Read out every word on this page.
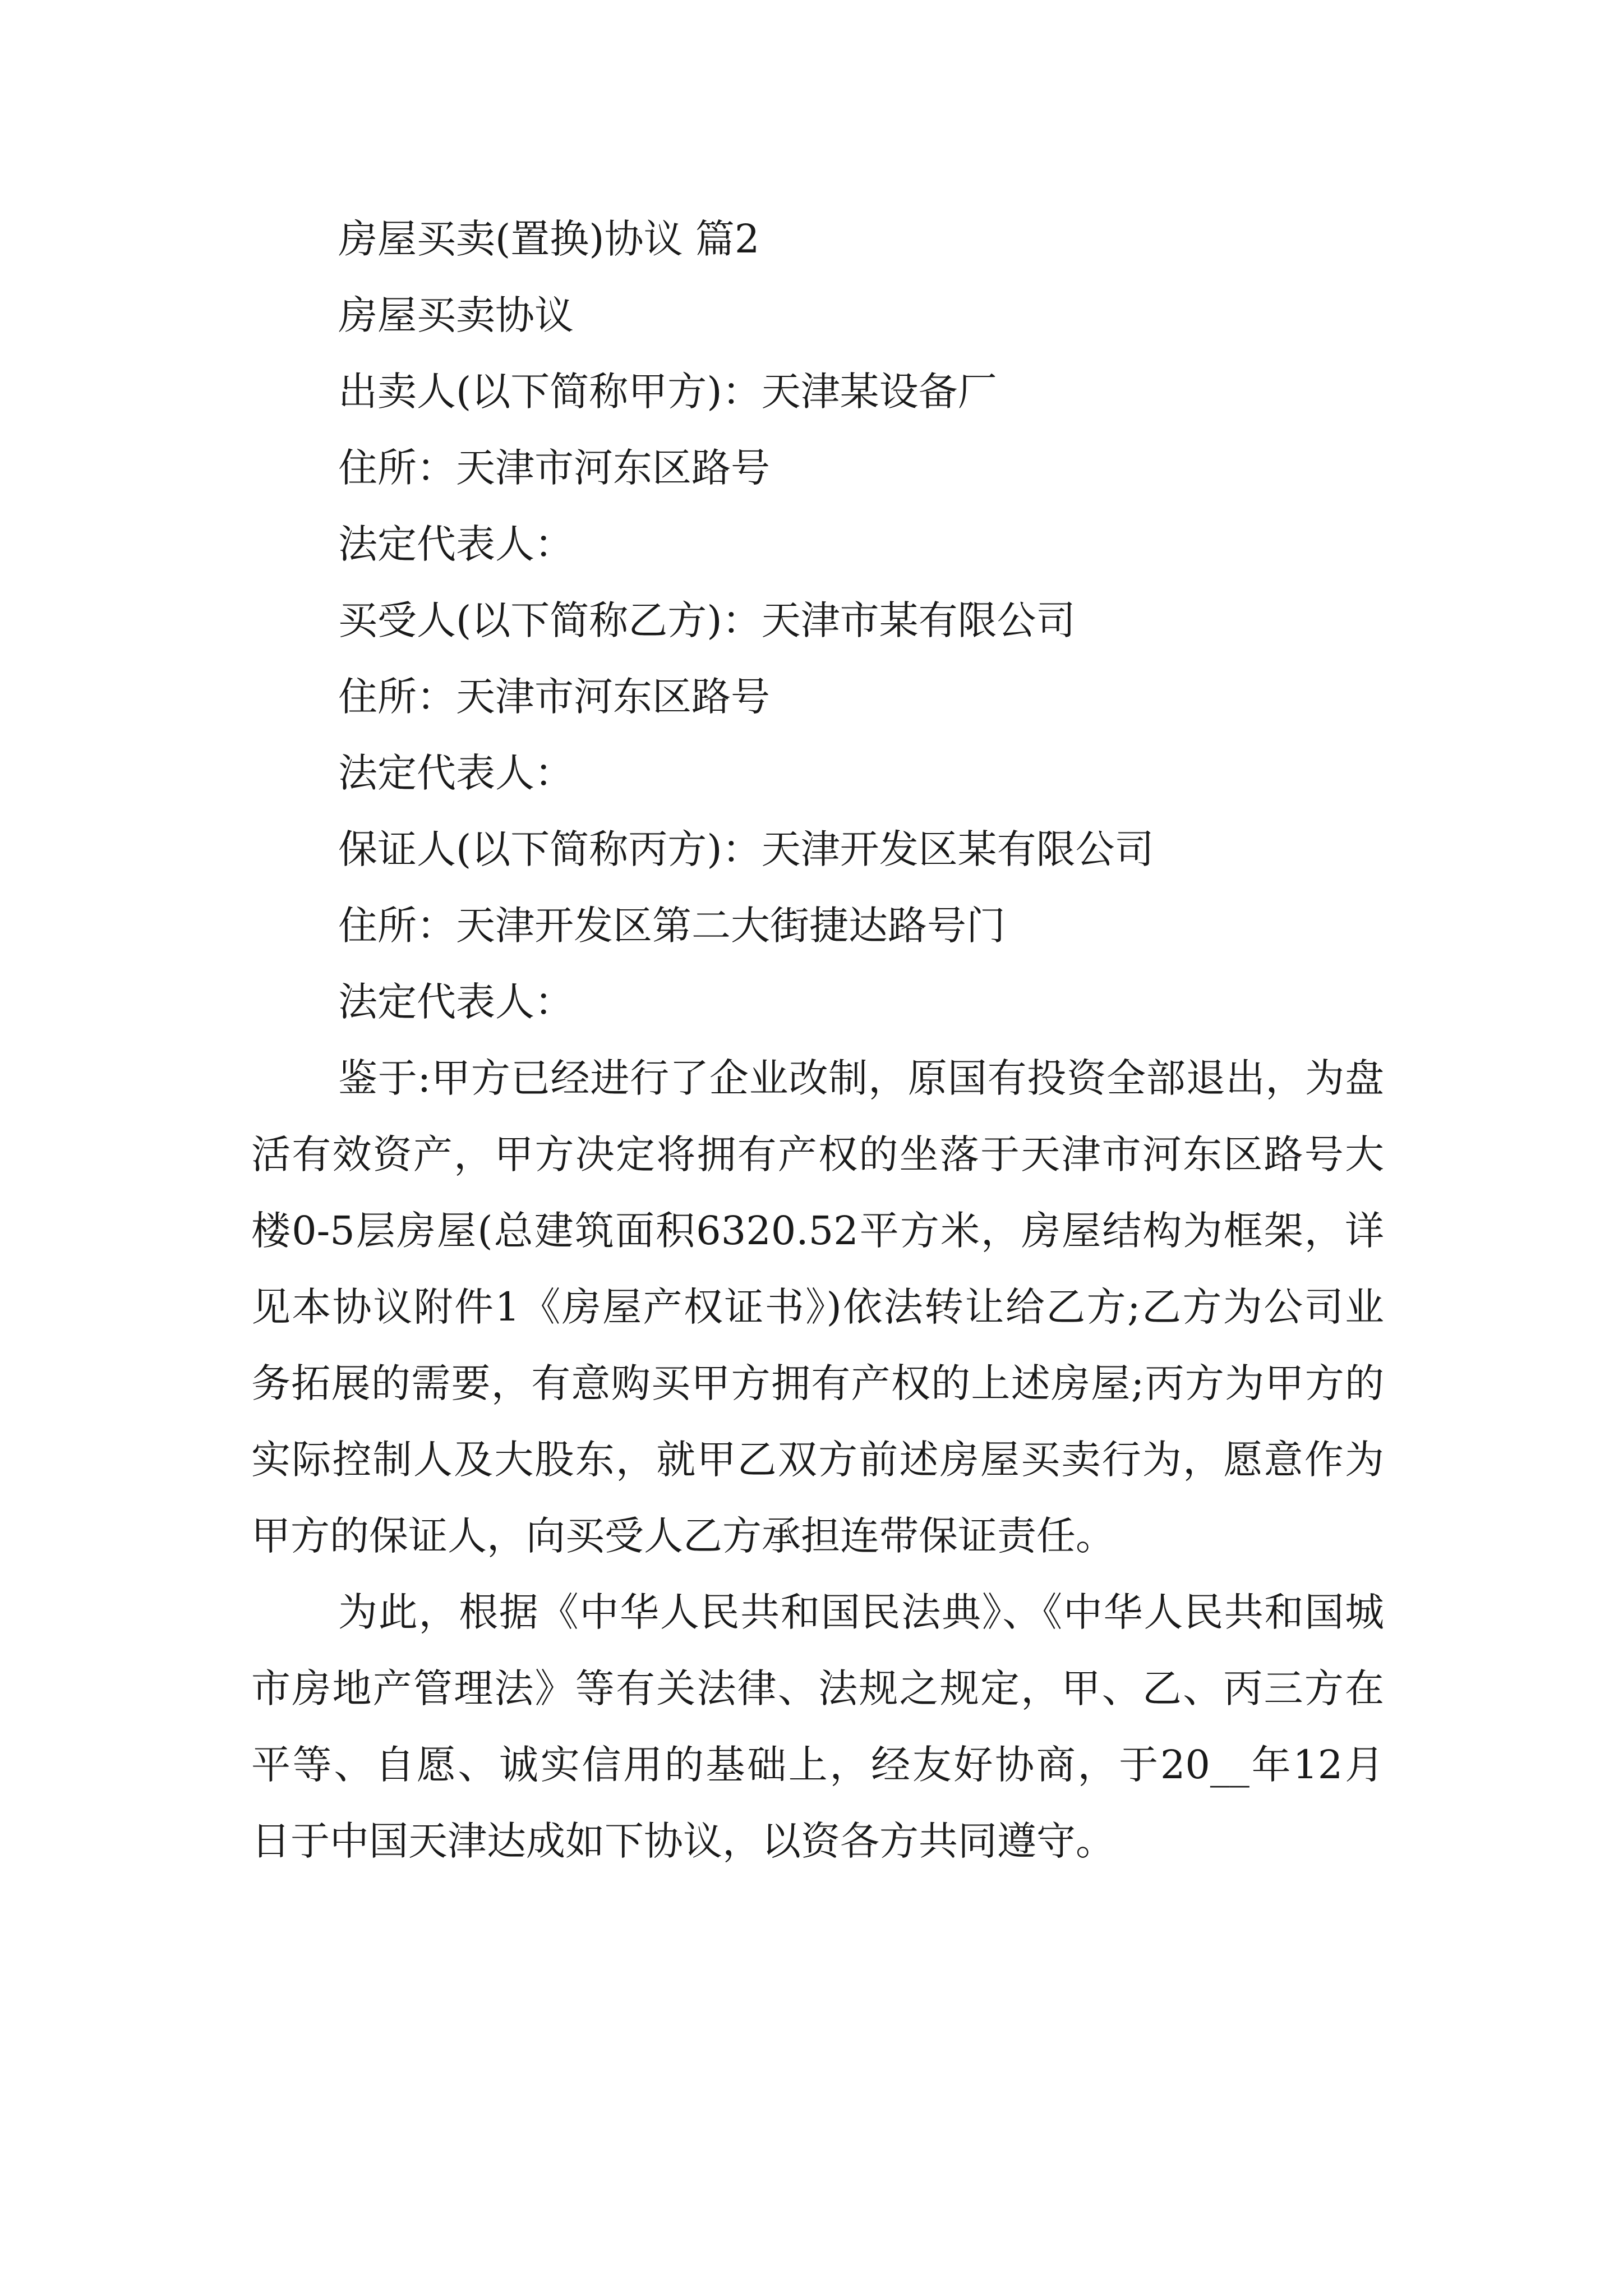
房屋买卖(置换)协议 篇2

房屋买卖协议

出卖人(以下简称甲方)：天津某设备厂

住所：天津市河东区路号

法定代表人：

买受人(以下简称乙方)：天津市某有限公司

住所：天津市河东区路号

法定代表人：

保证人(以下简称丙方)：天津开发区某有限公司

住所：天津开发区第二大街捷达路号门

法定代表人：

鉴于:甲方已经进行了企业改制，原国有投资全部退出，为盘活有效资产，甲方决定将拥有产权的坐落于天津市河东区路号大楼0-5层房屋(总建筑面积6320.52平方米，房屋结构为框架，详见本协议附件1《房屋产权证书》)依法转让给乙方;乙方为公司业务拓展的需要，有意购买甲方拥有产权的上述房屋;丙方为甲方的实际控制人及大股东，就甲乙双方前述房屋买卖行为，愿意作为甲方的保证人，向买受人乙方承担连带保证责任。

为此，根据《中华人民共和国民法典》、《中华人民共和国城市房地产管理法》等有关法律、法规之规定，甲、乙、丙三方在平等、自愿、诚实信用的基础上，经友好协商，于20__年12月 日于中国天津达成如下协议，以资各方共同遵守。
